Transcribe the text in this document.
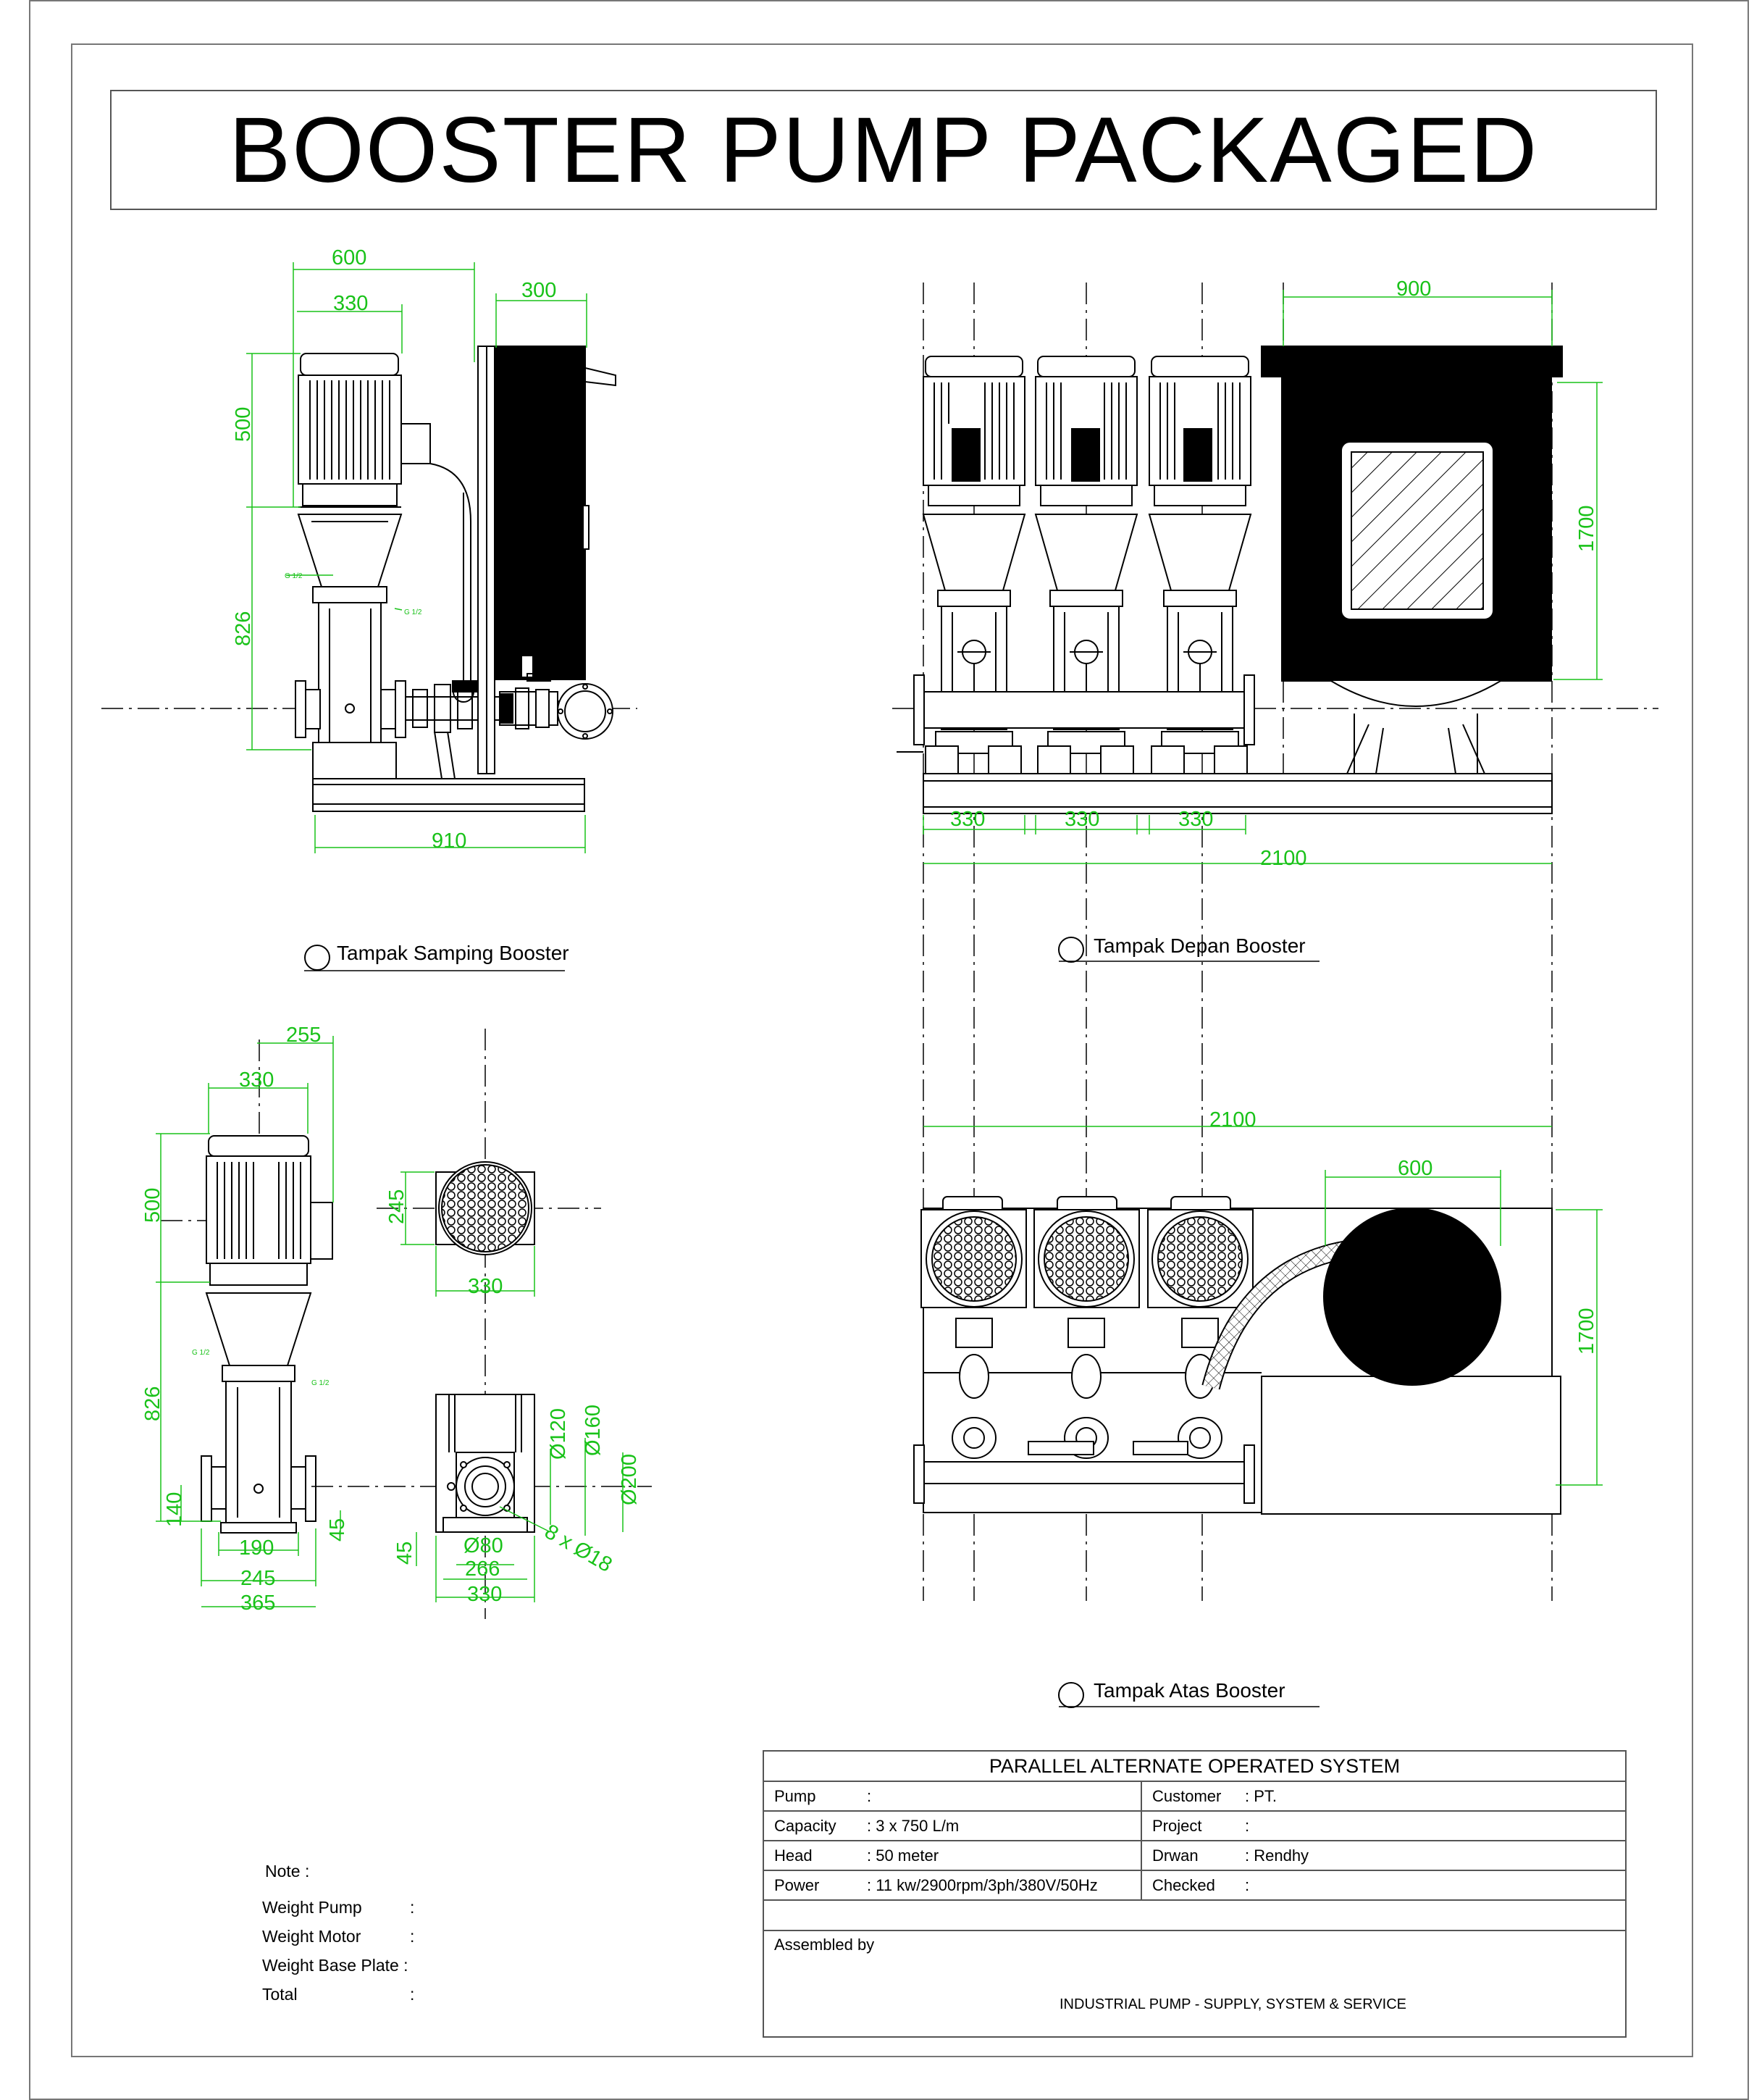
BOOSTER PUMP PACKAGED
600
330
300
500
826
910
G 1/2
G 1/2
Tampak Samping Booster
900
1700
330	330	330
2100
Tampak Depan Booster
255
330
500
826
140
45
190
245
365
245
330
Ø120 Ø160
Ø200
Ø80
266
330
45	8 x Ø18
G 1/2
G 1/2
2100
600
1700
Tampak Atas Booster
Note :
Weight Pump	:
Weight Motor	:
Weight Base Plate :
Total	:
PARALLEL ALTERNATE OPERATED SYSTEM
Pump	:	Customer	: PT.
Capacity	: 3 x 750 L/m	Project	:
Head	: 50 meter	Drwan	: Rendhy
Power	: 11 kw/2900rpm/3ph/380V/50Hz	Checked	:
Assembled by
INDUSTRIAL PUMP - SUPPLY, SYSTEM & SERVICE
